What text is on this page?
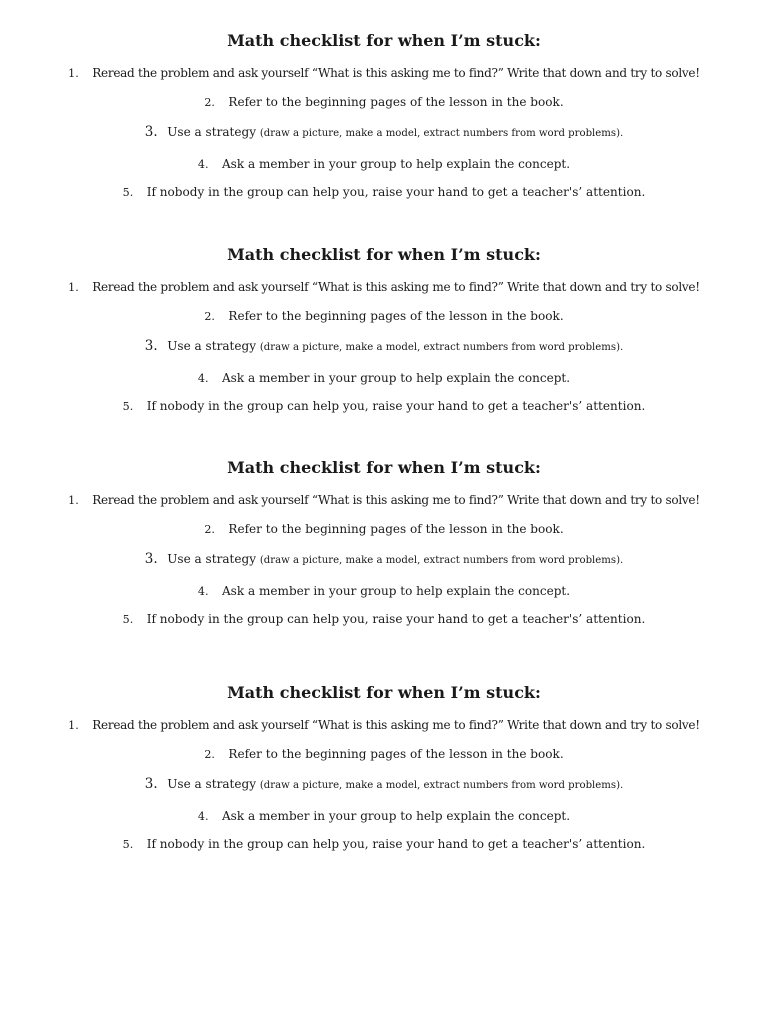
Math checklist for when I’m stuck:
1. Reread the problem and ask yourself “What is this asking me to find?” Write that down and try to solve!
2. Refer to the beginning pages of the lesson in the book.
3. Use a strategy (draw a picture, make a model, extract numbers from word problems).
4. Ask a member in your group to help explain the concept.
5. If nobody in the group can help you, raise your hand to get a teacher's’ attention.
Math checklist for when I’m stuck:
1. Reread the problem and ask yourself “What is this asking me to find?” Write that down and try to solve!
2. Refer to the beginning pages of the lesson in the book.
3. Use a strategy (draw a picture, make a model, extract numbers from word problems).
4. Ask a member in your group to help explain the concept.
5. If nobody in the group can help you, raise your hand to get a teacher's’ attention.
Math checklist for when I’m stuck:
1. Reread the problem and ask yourself “What is this asking me to find?” Write that down and try to solve!
2. Refer to the beginning pages of the lesson in the book.
3. Use a strategy (draw a picture, make a model, extract numbers from word problems).
4. Ask a member in your group to help explain the concept.
5. If nobody in the group can help you, raise your hand to get a teacher's’ attention.
Math checklist for when I’m stuck:
1. Reread the problem and ask yourself “What is this asking me to find?” Write that down and try to solve!
2. Refer to the beginning pages of the lesson in the book.
3. Use a strategy (draw a picture, make a model, extract numbers from word problems).
4. Ask a member in your group to help explain the concept.
5. If nobody in the group can help you, raise your hand to get a teacher's’ attention.
